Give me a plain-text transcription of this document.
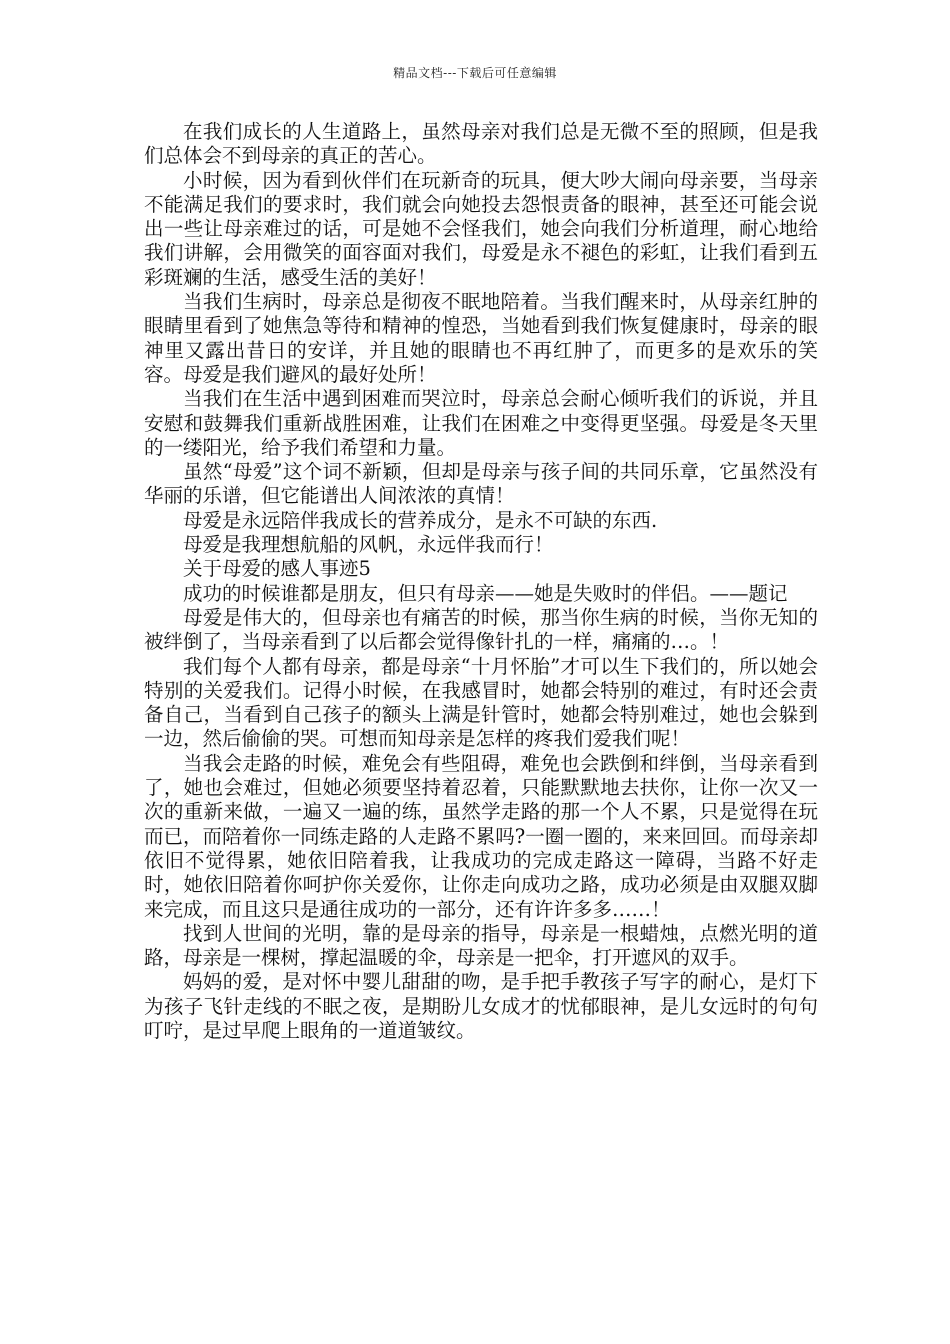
精品文档---下载后可任意编辑

在我们成长的人生道路上，虽然母亲对我们总是无微不至的照顾，但是我们总体会不到母亲的真正的苦心。

小时候，因为看到伙伴们在玩新奇的玩具，便大吵大闹向母亲要，当母亲不能满足我们的要求时，我们就会向她投去怨恨责备的眼神，甚至还可能会说出一些让母亲难过的话，可是她不会怪我们，她会向我们分析道理，耐心地给我们讲解，会用微笑的面容面对我们，母爱是永不褪色的彩虹，让我们看到五彩斑斓的生活，感受生活的美好！

当我们生病时，母亲总是彻夜不眠地陪着。当我们醒来时，从母亲红肿的眼睛里看到了她焦急等待和精神的惶恐，当她看到我们恢复健康时，母亲的眼神里又露出昔日的安详，并且她的眼睛也不再红肿了，而更多的是欢乐的笑容。母爱是我们避风的最好处所！

当我们在生活中遇到困难而哭泣时，母亲总会耐心倾听我们的诉说，并且安慰和鼓舞我们重新战胜困难，让我们在困难之中变得更坚强。母爱是冬天里的一缕阳光，给予我们希望和力量。

虽然“母爱”这个词不新颖，但却是母亲与孩子间的共同乐章，它虽然没有华丽的乐谱，但它能谱出人间浓浓的真情！

母爱是永远陪伴我成长的营养成分，是永不可缺的东西.

母爱是我理想航船的风帆，永远伴我而行！

关于母爱的感人事迹5

成功的时候谁都是朋友，但只有母亲——她是失败时的伴侣。——题记

母爱是伟大的，但母亲也有痛苦的时候，那当你生病的时候，当你无知的被绊倒了，当母亲看到了以后都会觉得像针扎的一样，痛痛的…。！

我们每个人都有母亲，都是母亲“十月怀胎”才可以生下我们的，所以她会特别的关爱我们。记得小时候，在我感冒时，她都会特别的难过，有时还会责备自己，当看到自己孩子的额头上满是针管时，她都会特别难过，她也会躲到一边，然后偷偷的哭。可想而知母亲是怎样的疼我们爱我们呢！

当我会走路的时候，难免会有些阻碍，难免也会跌倒和绊倒，当母亲看到了，她也会难过，但她必须要坚持着忍着，只能默默地去扶你，让你一次又一次的重新来做，一遍又一遍的练，虽然学走路的那一个人不累，只是觉得在玩而已，而陪着你一同练走路的人走路不累吗?一圈一圈的，来来回回。而母亲却依旧不觉得累，她依旧陪着我，让我成功的完成走路这一障碍，当路不好走时，她依旧陪着你呵护你关爱你，让你走向成功之路，成功必须是由双腿双脚来完成，而且这只是通往成功的一部分，还有许许多多……！

找到人世间的光明，靠的是母亲的指导，母亲是一根蜡烛，点燃光明的道路，母亲是一棵树，撑起温暖的伞，母亲是一把伞，打开遮风的双手。

妈妈的爱，是对怀中婴儿甜甜的吻，是手把手教孩子写字的耐心，是灯下为孩子飞针走线的不眠之夜，是期盼儿女成才的忧郁眼神，是儿女远时的句句叮咛，是过早爬上眼角的一道道皱纹。
